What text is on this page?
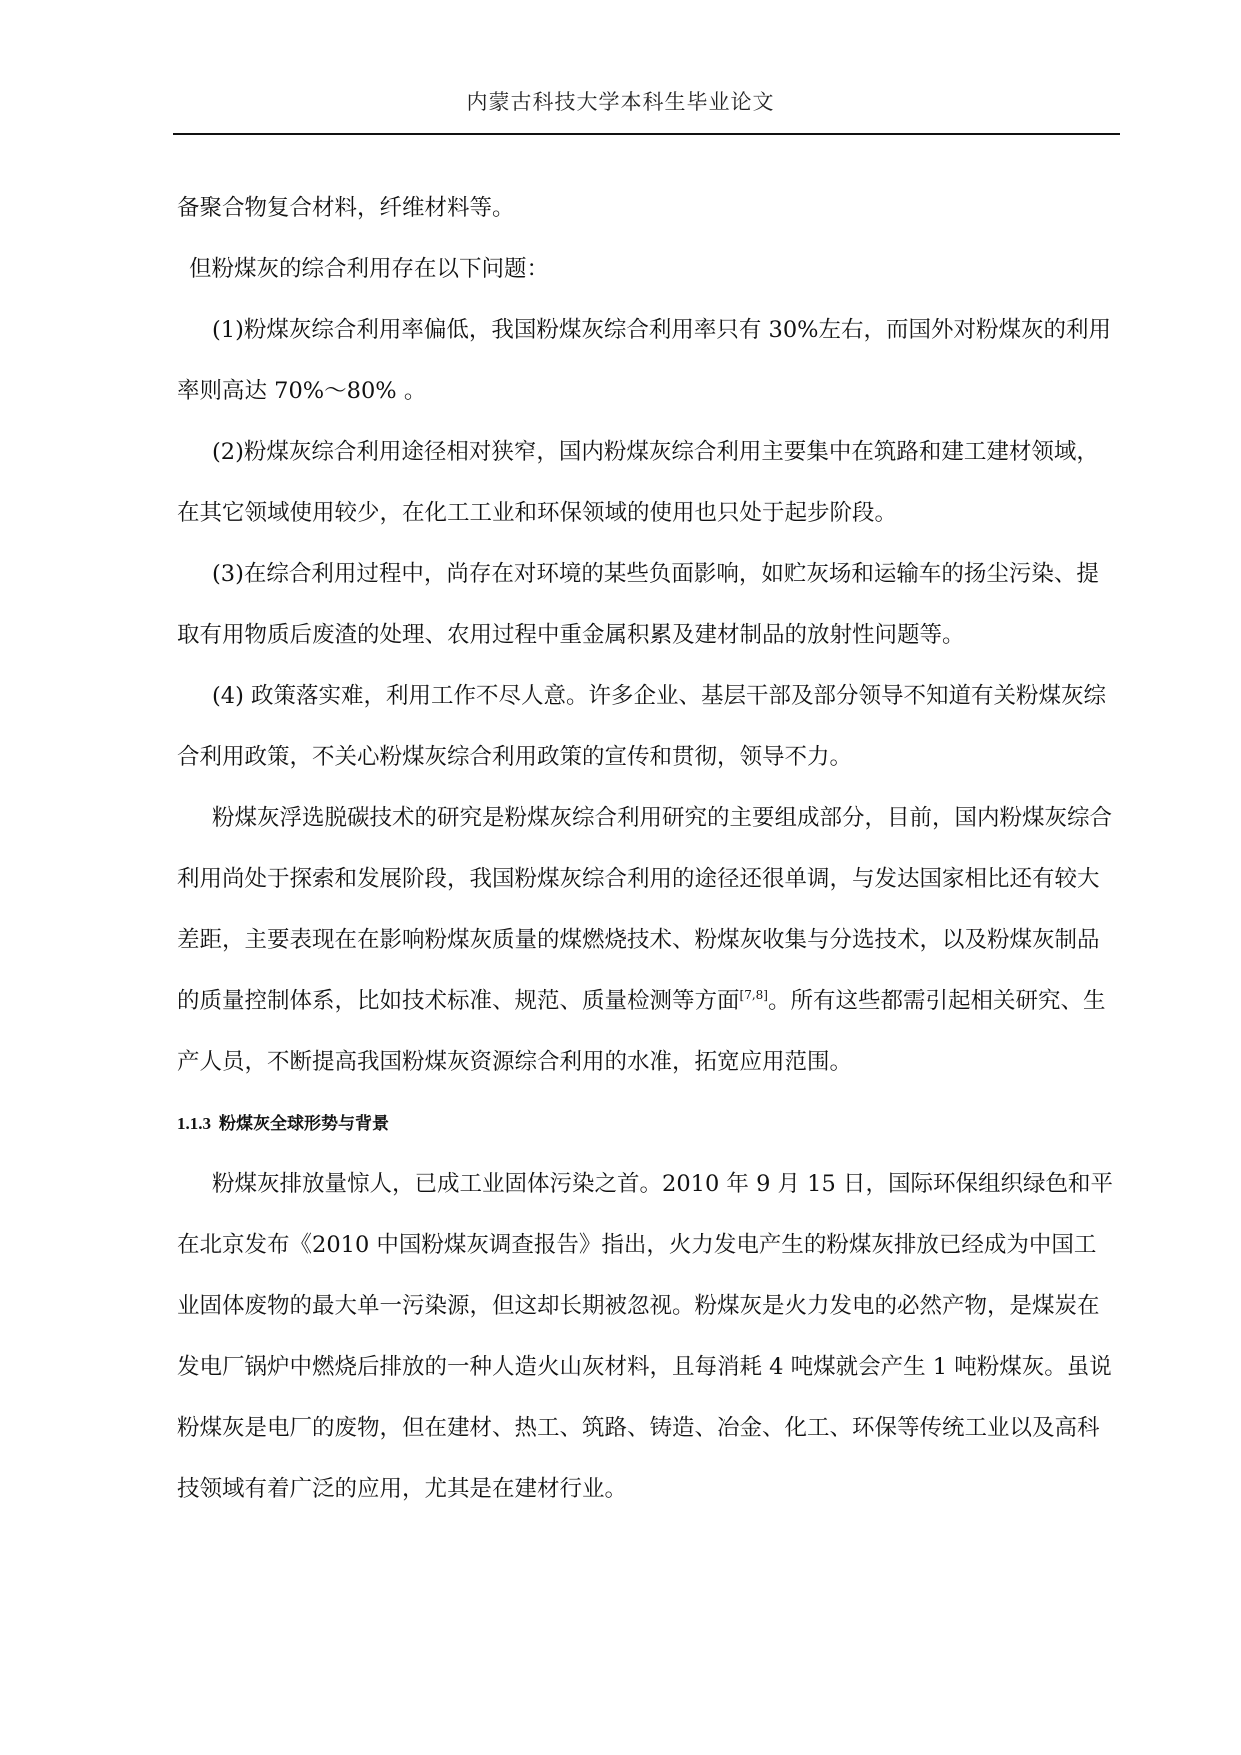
内蒙古科技大学本科生毕业论文

备聚合物复合材料，纤维材料等。

但粉煤灰的综合利用存在以下问题：

(1)粉煤灰综合利用率偏低，我国粉煤灰综合利用率只有 30%左右，而国外对粉煤灰的利用率则高达 70%～80% 。

(2)粉煤灰综合利用途径相对狭窄，国内粉煤灰综合利用主要集中在筑路和建工建材领域，在其它领域使用较少，在化工工业和环保领域的使用也只处于起步阶段。

(3)在综合利用过程中，尚存在对环境的某些负面影响，如贮灰场和运输车的扬尘污染、提取有用物质后废渣的处理、农用过程中重金属积累及建材制品的放射性问题等。

(4) 政策落实难，利用工作不尽人意。许多企业、基层干部及部分领导不知道有关粉煤灰综合利用政策，不关心粉煤灰综合利用政策的宣传和贯彻，领导不力。

粉煤灰浮选脱碳技术的研究是粉煤灰综合利用研究的主要组成部分，目前，国内粉煤灰综合利用尚处于探索和发展阶段，我国粉煤灰综合利用的途径还很单调，与发达国家相比还有较大差距，主要表现在在影响粉煤灰质量的煤燃烧技术、粉煤灰收集与分选技术，以及粉煤灰制品的质量控制体系，比如技术标准、规范、质量检测等方面[7,8]。所有这些都需引起相关研究、生产人员，不断提高我国粉煤灰资源综合利用的水准，拓宽应用范围。

1.1.3 粉煤灰全球形势与背景

粉煤灰排放量惊人，已成工业固体污染之首。2010 年 9 月 15 日，国际环保组织绿色和平在北京发布《2010 中国粉煤灰调查报告》指出，火力发电产生的粉煤灰排放已经成为中国工业固体废物的最大单一污染源，但这却长期被忽视。粉煤灰是火力发电的必然产物，是煤炭在发电厂锅炉中燃烧后排放的一种人造火山灰材料，且每消耗 4 吨煤就会产生 1 吨粉煤灰。虽说粉煤灰是电厂的废物，但在建材、热工、筑路、铸造、冶金、化工、环保等传统工业以及高科技领域有着广泛的应用，尤其是在建材行业。
